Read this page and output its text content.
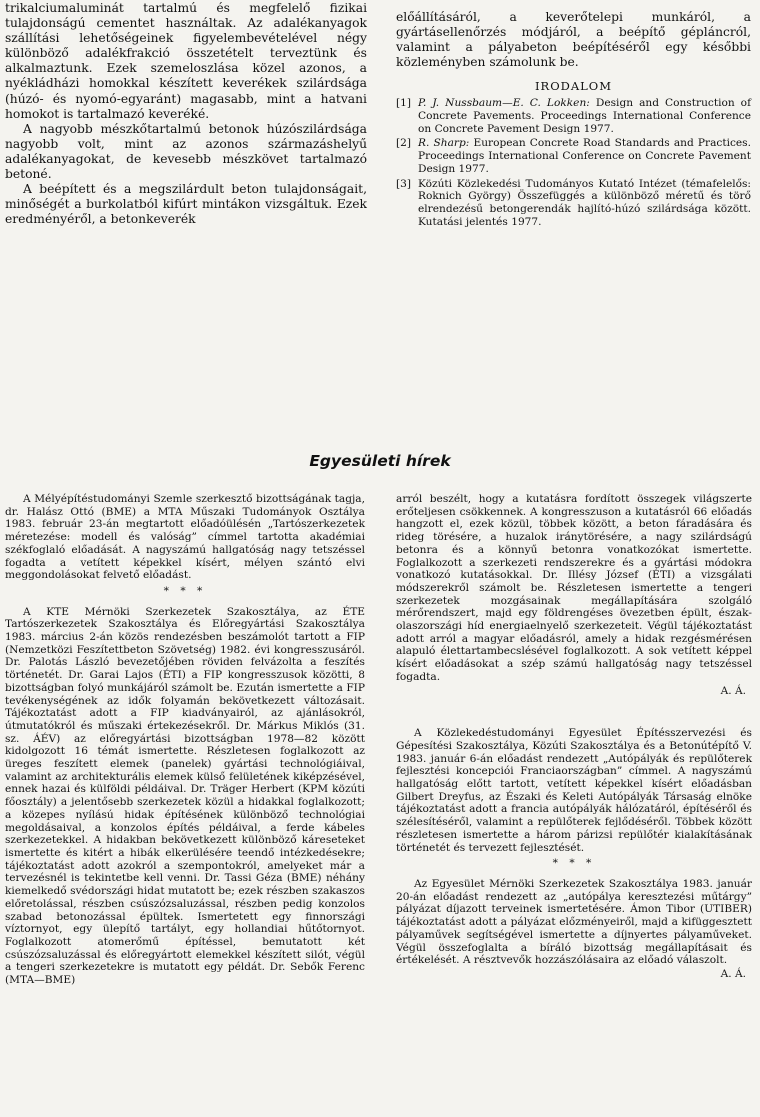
trikalciumaluminát tartalmú és megfelelő fizikai tulajdonságú cementet használtak. Az adalékanyagok szállítási lehetőségeinek figyelembevételével négy különböző adalékfrakció összetételt terveztünk és alkalmaztunk. Ezek szemeloszlása közel azonos, a nyékládházi homokkal készített keverékek szilárdsága (húzó- és nyomó-egyaránt) magasabb, mint a hatvani homokot is tartalmazó keveréké.

A nagyobb mészkőtartalmú betonok húzószilárdsága nagyobb volt, mint az azonos származáshelyű adalékanyagokat, de kevesebb mészkövet tartalmazó betoné.

A beépített és a megszilárdult beton tulajdonságait, minőségét a burkolatból kifúrt mintákon vizsgáltuk. Ezek eredményéről, a betonkeverék

előállításáról, a keverőtelepi munkáról, a gyártásellenőrzés módjáról, a beépítő gépláncról, valamint a pályabeton beépítéséről egy későbbi közleményben számolunk be.

IRODALOM
[1] P. J. Nussbaum—E. C. Lokken: Design and Construction of Concrete Pavements. Proceedings International Conference on Concrete Pavement Design 1977.
[2] R. Sharp: European Concrete Road Standards and Practices. Proceedings International Conference on Concrete Pavement Design 1977.
[3] Közúti Közlekedési Tudományos Kutató Intézet (témafelelős: Roknich György) Összefüggés a különböző méretű és törő elrendezésű betongerendák hajlító-húzó szilárdsága között. Kutatási jelentés 1977.
Egyesületi hírek

A Mélyépítéstudományi Szemle szerkesztő bizottságának tagja, dr. Halász Ottó (BME) a MTA Műszaki Tudományok Osztálya 1983. február 23-án megtartott előadóülésén „Tartószerkezetek méretezése: modell és valóság” címmel tartotta akadémiai székfoglaló előadását. A nagyszámú hallgatóság nagy tetszéssel fogadta a vetített képekkel kísért, mélyen szántó elvi meggondolásokat felvető előadást.

* * *

A KTE Mérnöki Szerkezetek Szakosztálya, az ÉTE Tartószerkezetek Szakosztálya és Előregyártási Szakosztálya 1983. március 2-án közös rendezésben beszámolót tartott a FIP (Nemzetközi Feszítettbeton Szövetség) 1982. évi kongresszusáról. Dr. Palotás László bevezetőjében röviden felvázolta a feszítés történetét. Dr. Garai Lajos (ÉTI) a FIP kongresszusok közötti, 8 bizottságban folyó munkájáról számolt be. Ezután ismertette a FIP tevékenységének az idők folyamán bekövetkezett változásait. Tájékoztatást adott a FIP kiadványairól, az ajánlásokról, útmutatókról és műszaki értekezésekről. Dr. Márkus Miklós (31. sz. ÁÉV) az előregyártási bizottságban 1978—82 között kidolgozott 16 témát ismertette. Részletesen foglalkozott az üreges feszített elemek (panelek) gyártási technológiáival, valamint az architekturális elemek külső felületének kiképzésével, ennek hazai és külföldi példáival. Dr. Träger Herbert (KPM közúti főosztály) a jelentősebb szerkezetek közül a hidakkal foglalkozott; a közepes nyílású hidak építésének különböző technológiai megoldásaival, a konzolos építés példáival, a ferde kábeles szerkezetekkel. A hidakban bekövetkezett különböző káreseteket ismertette és kitért a hibák elkerülésére teendő intézkedésekre; tájékoztatást adott azokról a szempontokról, amelyeket már a tervezésnél is tekintetbe kell venni. Dr. Tassi Géza (BME) néhány kiemelkedő svédországi hidat mutatott be; ezek részben szakaszos előretolással, részben csúszózsaluzással, részben pedig konzolos szabad betonozással épültek. Ismertetett egy finnországi víztornyot, egy ülepítő tartályt, egy hollandiai hűtőtornyot. Foglalkozott atomerőmű építéssel, bemutatott két csúszózsaluzással és előregyártott elemekkel készített silót, végül a tengeri szerkezetekre is mutatott egy példát. Dr. Sebők Ferenc (MTA—BME)

arról beszélt, hogy a kutatásra fordított összegek világszerte erőteljesen csökkennek. A kongresszuson a kutatásról 66 előadás hangzott el, ezek közül, többek között, a beton fáradására és rideg törésére, a huzalok iránytörésére, a nagy szilárdságú betonra és a könnyű betonra vonatkozókat ismertette. Foglalkozott a szerkezeti rendszerekre és a gyártási módokra vonatkozó kutatásokkal. Dr. Illésy József (ÉTI) a vizsgálati módszerekről számolt be. Részletesen ismertette a tengeri szerkezetek mozgásainak megállapítására szolgáló mérőrendszert, majd egy földrengéses övezetben épült, észak-olaszországi híd energiaelnyelő szerkezeteit. Végül tájékoztatást adott arról a magyar előadásról, amely a hidak rezgésmérésen alapuló élettartambecslésével foglalkozott. A sok vetített képpel kísért előadásokat a szép számú hallgatóság nagy tetszéssel fogadta.

A. Á.

A Közlekedéstudományi Egyesület Építésszervezési és Gépesítési Szakosztálya, Közúti Szakosztálya és a Betonútépítő V. 1983. január 6-án előadást rendezett „Autópályák és repülőterek fejlesztési koncepciói Franciaországban” címmel. A nagyszámú hallgatóság előtt tartott, vetített képekkel kísért előadásban Gilbert Dreyfus, az Északi és Keleti Autópályák Társaság elnöke tájékoztatást adott a francia autópályák hálózatáról, építéséről és szélesítéséről, valamint a repülőterek fejlődéséről. Többek között részletesen ismertette a három párizsi repülőtér kialakításának történetét és tervezett fejlesztését.

* * *

Az Egyesület Mérnöki Szerkezetek Szakosztálya 1983. január 20-án előadást rendezett az „autópálya keresztezési műtárgy” pályázat díjazott terveinek ismertetésére. Ámon Tibor (UTIBER) tájékoztatást adott a pályázat előzményeiről, majd a kifüggesztett pályaművek segítségével ismertette a díjnyertes pályaműveket. Végül összefoglalta a bíráló bizottság megállapításait és értékelését. A résztvevők hozzászólásaira az előadó válaszolt.

A. Á.
